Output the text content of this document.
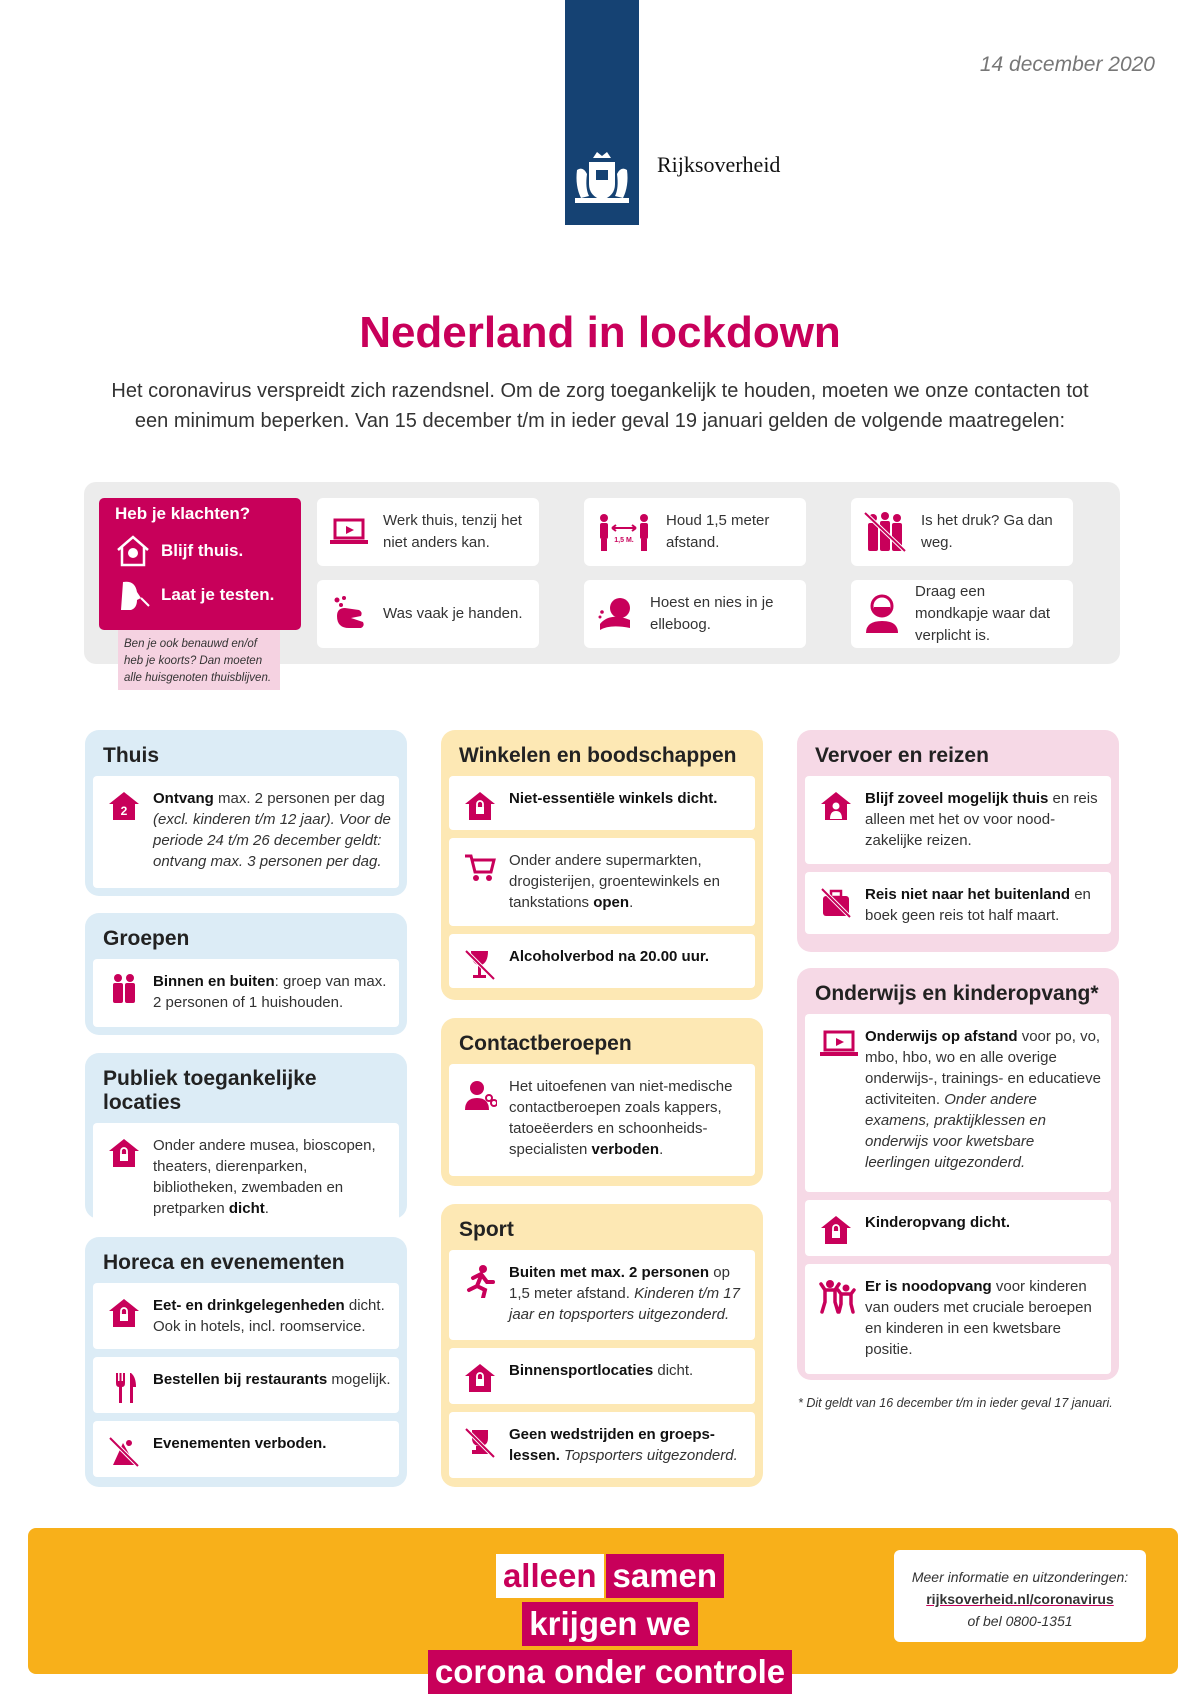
Rijksoverheid
14 december 2020
Nederland in lockdown
Het coronavirus verspreidt zich razendsnel. Om de zorg toegankelijk te houden, moeten we onze contacten tot een minimum beperken. Van 15 december t/m in ieder geval 19 januari gelden de volgende maatregelen:
Heb je klachten?
Blijf thuis.
Laat je testen.
Ben je ook benauwd en/of heb je koorts? Dan moeten alle huisgenoten thuisblijven.
Werk thuis, tenzij het niet anders kan.	1,5 M.
Houd 1,5 meter afstand.
Is het druk? Ga dan weg.
Was vaak je handen.
Hoest en nies in je elleboog.
Draag een mondkapje waar dat verplicht is.
Thuis
2
Ontvang max. 2 personen per dag (excl. kinderen t/m 12 jaar). Voor de periode 24 t/m 26 december geldt: ontvang max. 3 personen per dag.
Groepen
Binnen en buiten: groep van max. 2 personen of 1 huishouden.
Publiek toegankelijke locaties
Onder andere musea, bioscopen, theaters, dierenparken, bibliotheken, zwembaden en pretparken dicht.
Horeca en evenementen
Eet- en drinkgelegenheden dicht. Ook in hotels, incl. roomservice.
Bestellen bij restaurants mogelijk.
Evenementen verboden.
Winkelen en boodschappen
Niet-essentiële winkels dicht.
Onder andere supermarkten, drogisterijen, groentewinkels en tankstations open.
Alcoholverbod na 20.00 uur.
Contactberoepen
Het uitoefenen van niet-medische contactberoepen zoals kappers, tatoeëerders en schoonheids-specialisten verboden.
Sport
Buiten met max. 2 personen op 1,5 meter afstand. Kinderen t/m 17 jaar en topsporters uitgezonderd.
Binnensportlocaties dicht.
Geen wedstrijden en groeps-lessen. Topsporters uitgezonderd.
Vervoer en reizen
Blijf zoveel mogelijk thuis en reis alleen met het ov voor nood-zakelijke reizen.
Reis niet naar het buitenland en boek geen reis tot half maart.
Onderwijs en kinderopvang*
Onderwijs op afstand voor po, vo, mbo, hbo, wo en alle overige onderwijs-, trainings- en educatieve activiteiten. Onder andere examens, praktijklessen en onderwijs voor kwetsbare leerlingen uitgezonderd.
Kinderopvang dicht.
Er is noodopvang voor kinderen van ouders met cruciale beroepen en kinderen in een kwetsbare positie.
* Dit geldt van 16 december t/m in ieder geval 17 januari.
alleen samenkrijgen we
corona onder controle
Meer informatie en uitzonderingen:
rijksoverheid.nl/coronavirus
of bel 0800-1351
